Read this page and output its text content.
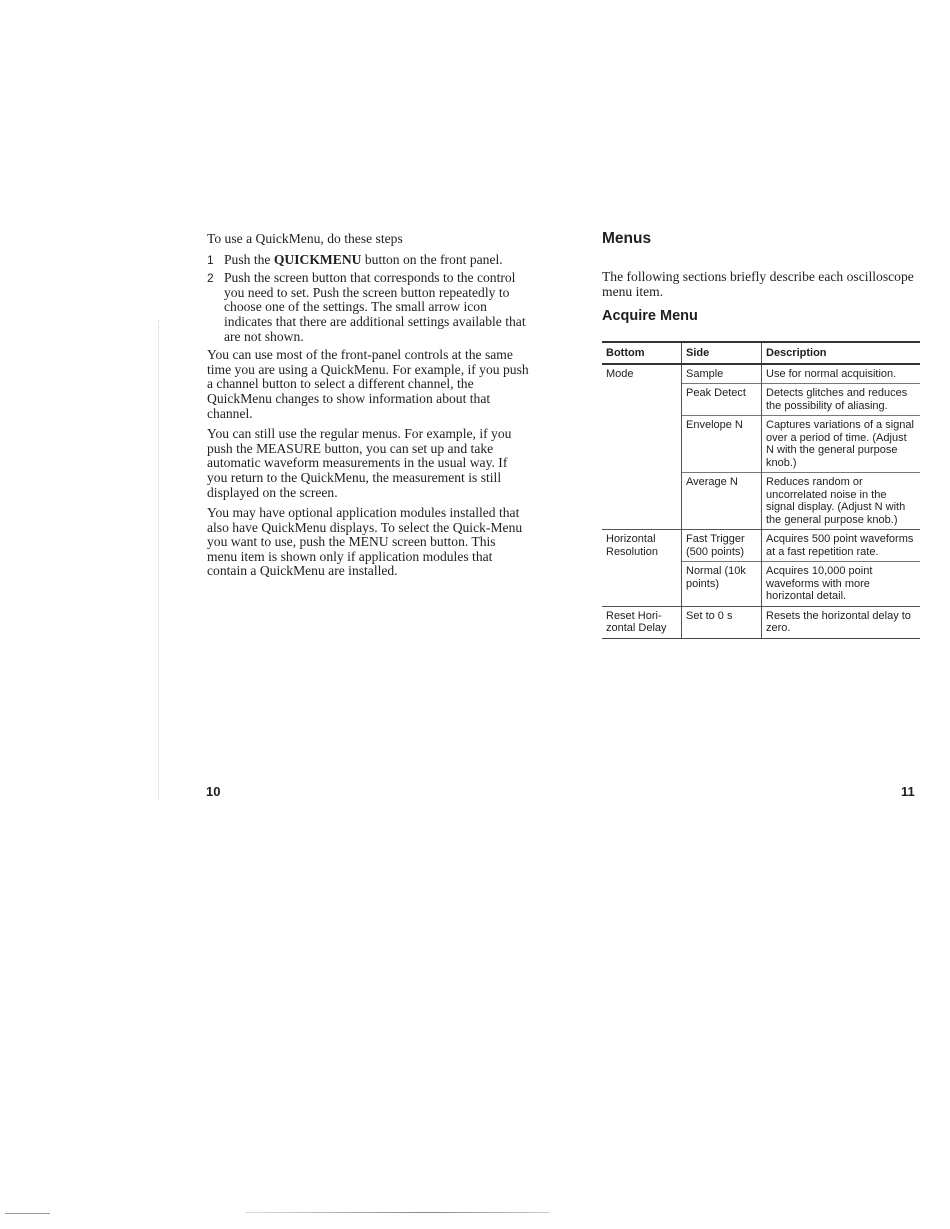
To use a QuickMenu, do these steps

1 Push the QUICKMENU button on the front panel.
2 Push the screen button that corresponds to the control you need to set. Push the screen button repeatedly to choose one of the settings. The small arrow icon indicates that there are additional settings available that are not shown.

You can use most of the front-panel controls at the same time you are using a QuickMenu. For example, if you push a channel button to select a different channel, the QuickMenu changes to show information about that channel.

You can still use the regular menus. For example, if you push the MEASURE button, you can set up and take automatic waveform measurements in the usual way. If you return to the QuickMenu, the measurement is still displayed on the screen.

You may have optional application modules installed that also have QuickMenu displays. To select the Quick-Menu you want to use, push the MENU screen button. This menu item is shown only if application modules that contain a QuickMenu are installed.

10
Menus

The following sections briefly describe each oscilloscope menu item.

Acquire Menu
Bottom	Side	Description
Mode	Sample	Use for normal acquisition.
	Peak Detect	Detects glitches and reduces the possibility of aliasing.
	Envelope N	Captures variations of a signal over a period of time. (Adjust N with the general purpose knob.)
	Average N	Reduces random or uncorrelated noise in the signal display. (Adjust N with the general purpose knob.)
Horizontal Resolution	Fast Trigger (500 points)	Acquires 500 point waveforms at a fast repetition rate.
	Normal (10k points)	Acquires 10,000 point waveforms with more horizontal detail.
Reset Hori-zontal Delay	Set to 0 s	Resets the horizontal delay to zero.
11
